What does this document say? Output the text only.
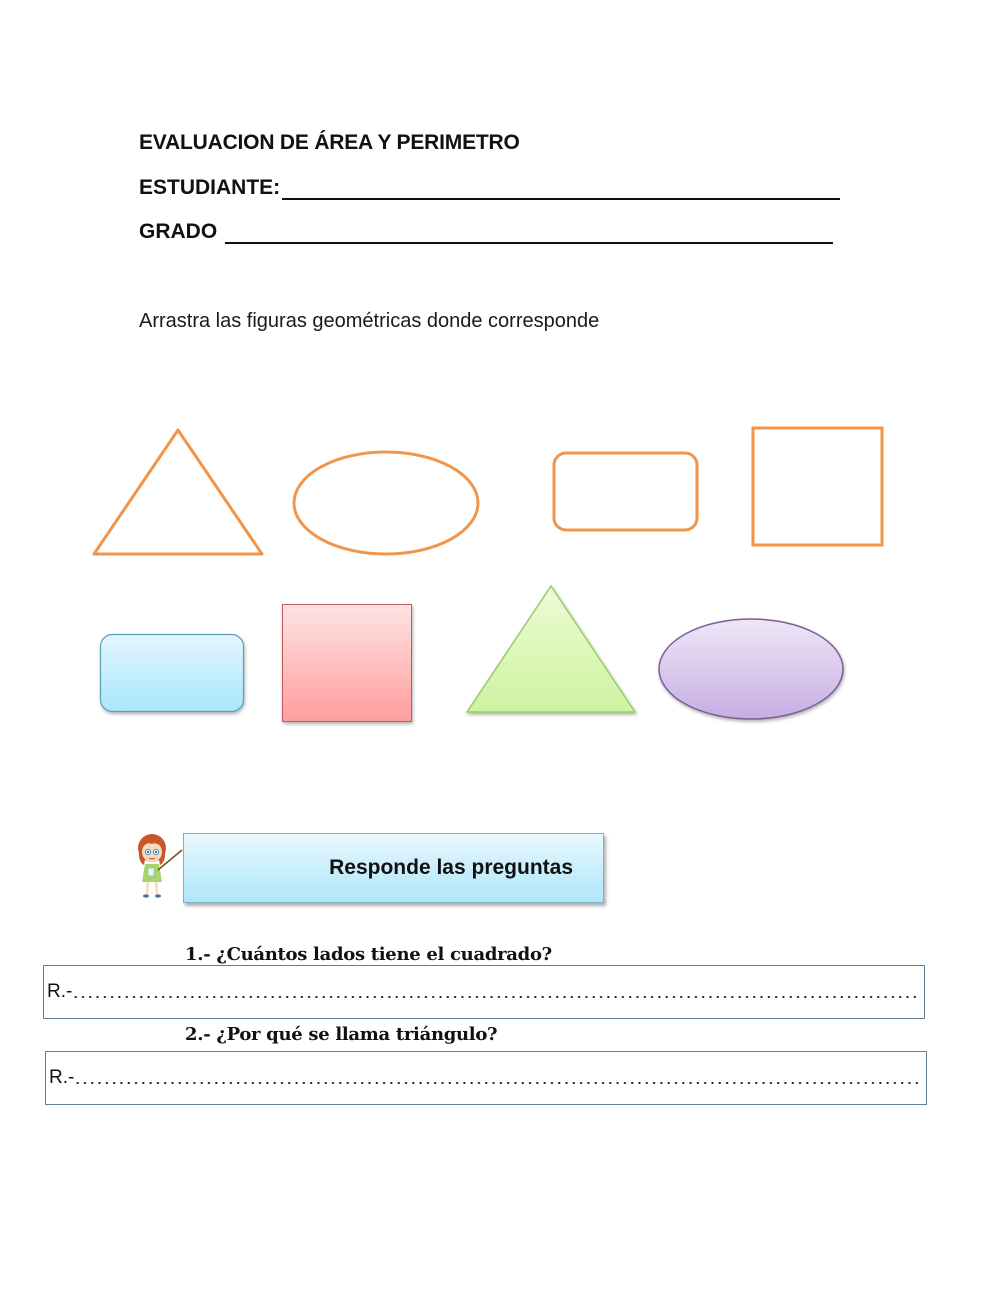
EVALUACION DE ÁREA Y PERIMETRO
ESTUDIANTE:
GRADO
Arrastra las figuras geométricas donde corresponde
Responde las preguntas
1.- ¿Cuántos lados tiene el cuadrado?
R.-
2.- ¿Por qué se llama triángulo?
R.-
